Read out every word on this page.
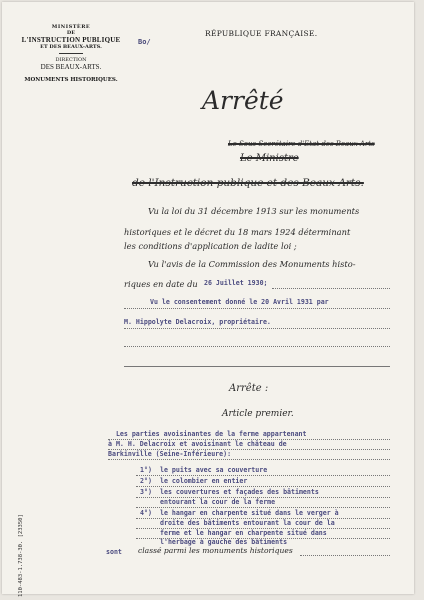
MINISTÈRE
DE
L'INSTRUCTION PUBLIQUE
ET DES BEAUX-ARTS.
DIRECTION
DES BEAUX-ARTS.
MONUMENTS HISTORIQUES.
Bo/
RÉPUBLIQUE FRANÇAISE.
Arrêté
Le Sous-Secrétaire d'Etat des Beaux-Arts
Le Ministre
de l'Instruction publique et des Beaux-Arts.
Vu la loi du 31 décembre 1913 sur les monuments
historiques et le décret du 18 mars 1924 déterminant
les conditions d'application de ladite loi ;
Vu l'avis de la Commission des Monuments histo-
riques en date du 26 Juillet 1930;
Vu le consentement donné le 20 Avril 1931 par
M. Hippolyte Delacroix, propriétaire.
Arrête :
Article premier.
Les parties avoisinantes de la ferme appartenant
à M. H. Delacroix et avoisinant le château de
Barkinville (Seine-Inférieure):
1°) le puits avec sa couverture
2°) le colombier en entier
3°) les couvertures et façades des bâtiments
entourant la cour de la ferme
4°) le hangar en charpente situé dans le verger à
droite des bâtiments entourant la cour de la
ferme et le hangar en charpente situé dans
l'herbage à gauche des bâtiments
sont classé parmi les monuments historiques
110-483-1.738-30. [23350]
